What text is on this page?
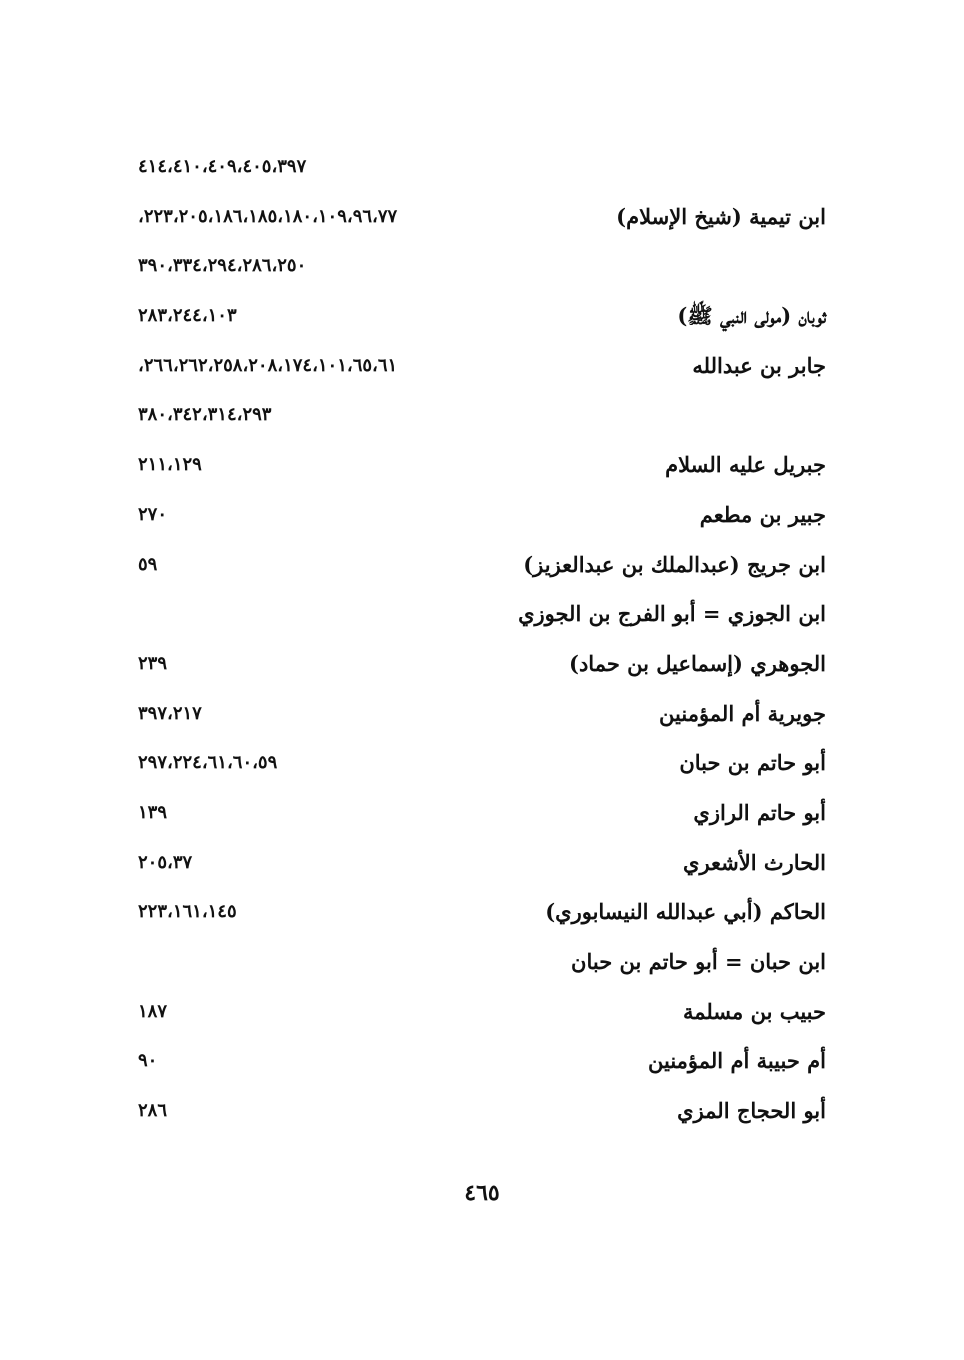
٤١٤،٤١٠،٤٠٩،٤٠٥،٣٩٧
ابن تيمية (شيخ الإسلام)
٢٢٣،٢٠٥،١٨٦،١٨٥،١٨٠،١٠٩،٩٦،٧٧،
٣٩٠،٣٣٤،٢٩٤،٢٨٦،٢٥٠
ثوبان (مولى النبي ﷺ)
٢٨٣،٢٤٤،١٠٣
جابر بن عبدالله
٢٦٦،٢٦٢،٢٥٨،٢٠٨،١٧٤،١٠١،٦٥،٦١،
٣٨٠،٣٤٢،٣١٤،٢٩٣
جبريل عليه السلام
٢١١،١٢٩
جبير بن مطعم
٢٧٠
ابن جريج (عبدالملك بن عبدالعزيز)
٥٩
ابن الجوزي = أبو الفرج بن الجوزي
الجوهري (إسماعيل بن حماد)
٢٣٩
جويرية أم المؤمنين
٣٩٧،٢١٧
أبو حاتم بن حبان
٢٩٧،٢٢٤،٦١،٦٠،٥٩
أبو حاتم الرازي
١٣٩
الحارث الأشعري
٢٠٥،٣٧
الحاكم (أبي عبدالله النيسابوري)
٢٢٣،١٦١،١٤٥
ابن حبان = أبو حاتم بن حبان
حبيب بن مسلمة
١٨٧
أم حبيبة أم المؤمنين
٩٠
أبو الحجاج المزي
٢٨٦
٤٦٥
